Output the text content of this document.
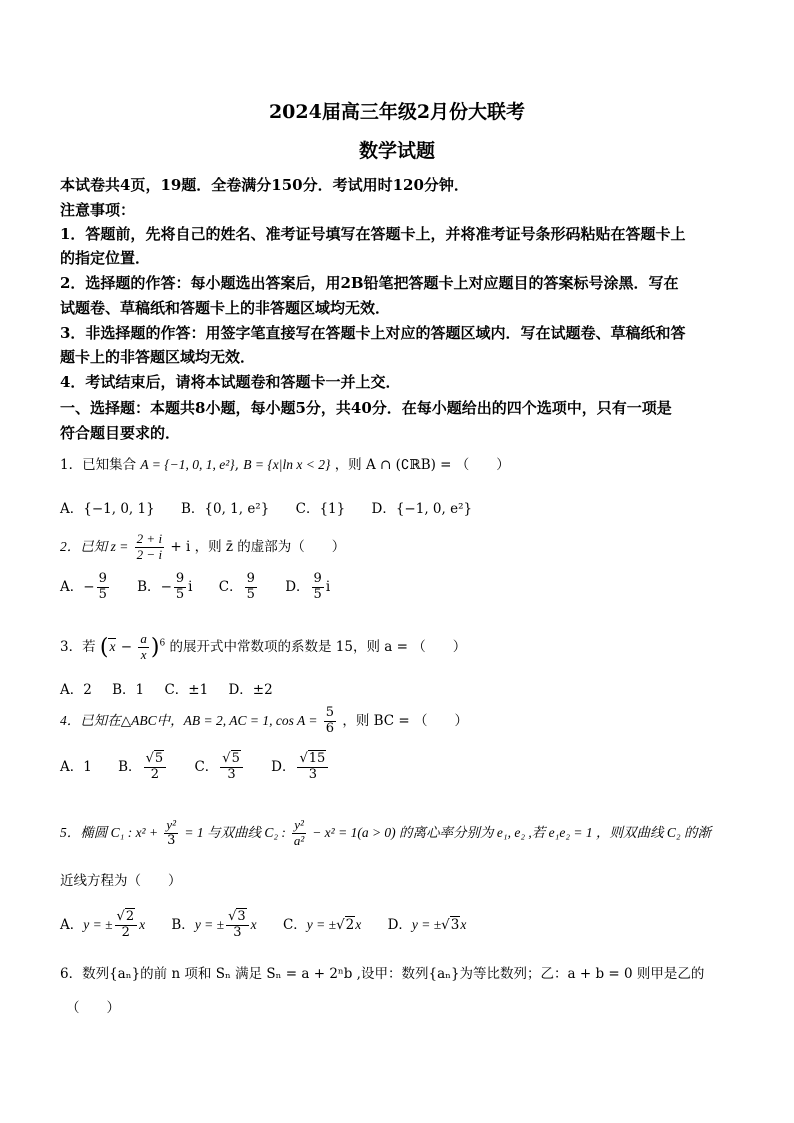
2024届高三年级2月份大联考
数学试题
本试卷共4页，19题．全卷满分150分．考试用时120分钟．
注意事项：
1．答题前，先将自己的姓名、准考证号填写在答题卡上，并将准考证号条形码粘贴在答题卡上
的指定位置．
2．选择题的作答：每小题选出答案后，用2B铅笔把答题卡上对应题目的答案标号涂黑．写在
试题卷、草稿纸和答题卡上的非答题区域均无效．
3．非选择题的作答：用签字笔直接写在答题卡上对应的答题区域内．写在试题卷、草稿纸和答
题卡上的非答题区域均无效．
4．考试结束后，请将本试题卷和答题卡一并上交．
一、选择题：本题共8小题，每小题5分，共40分．在每小题给出的四个选项中，只有一项是
符合题目要求的．
1．已知集合 A = {−1, 0, 1, e²}, B = {x|ln x < 2} ，则 A ∩ (∁ℝB) = （　　）
A．{−1, 0, 1} B．{0, 1, e²} C．{1} D．{−1, 0, e²}
2．已知 $z = \frac{2 + i}{2 - i} + i$ ，则 z̄ 的虚部为（　　）
A．− $\frac{9}{5}$ B．− $\frac{9}{5}$ i C． $\frac{9}{5}$ D． $\frac{9}{5}$ i
3．若 $(x - \frac{a}{x} )^6$ 的展开式中常数项的系数是 15，则 a = （　　）
A．2 B．1 C．±1 D．±2
4．已知在△ABC中，AB = 2, AC = 1, $\cos A = \frac{5}{6}$ ，则 BC = （　　）
A．1 B． $\frac{√5}{2}$ C． $\frac{√5}{3}$ D． $\frac{√15}{3}$
5．椭圆 C₁ : $x^2 + \frac{\text{y²}}{3} = 1$ 与双曲线 C₂ : $\frac{\text{y²}}{\text{a²}} - x^2 = 1(a > 0)$ 的离心率分别为 e₁, e₂ ,若 e₁e₂ = 1 ，则双曲线 C₂ 的渐
近线方程为（　　）
A．y = ± $\frac{√2}{2}$ x B．y = ± $\frac{√3}{3}$ x C．y = ±√2x D．y = ±√3x
6．数列{aₙ}的前 n 项和 Sₙ 满足 Sₙ = a + 2ⁿb ,设甲：数列{aₙ}为等比数列；乙：a + b = 0 则甲是乙的
（　　）
